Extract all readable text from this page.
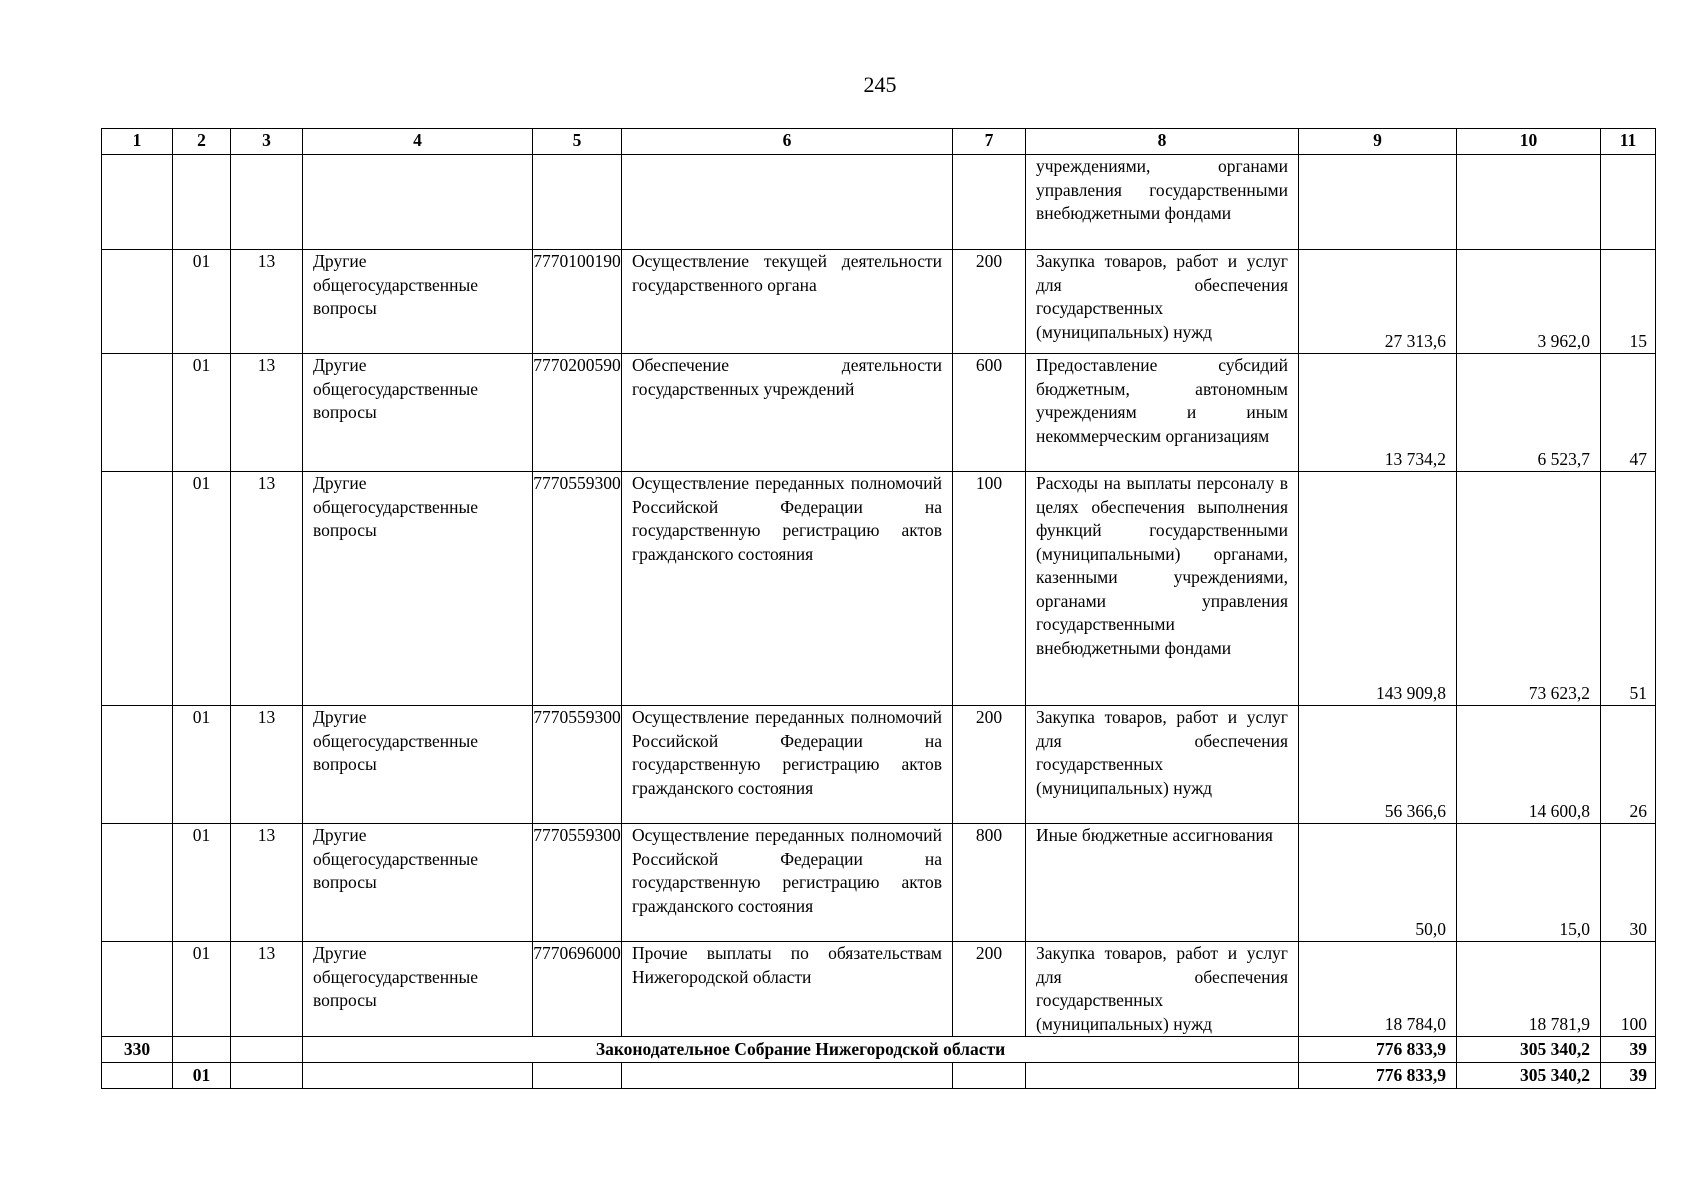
245
1	2	3	4	5	6	7	8	9	10	11
							учреждениями, органами управления государственными внебюджетными фондами			
	01	13	Другие общегосударственные вопросы	7770100190	Осуществление текущей деятельности государственного органа	200	Закупка товаров, работ и услуг для обеспечения государственных (муниципальных) нужд	27 313,6	3 962,0	15
	01	13	Другие общегосударственные вопросы	7770200590	Обеспечение деятельности государственных учреждений	600	Предоставление субсидий бюджетным, автономным учреждениям и иным некоммерческим организациям	13 734,2	6 523,7	47
	01	13	Другие общегосударственные вопросы	7770559300	Осуществление переданных полномочий Российской Федерации на государственную регистрацию актов гражданского состояния	100	Расходы на выплаты персоналу в целях обеспечения выполнения функций государственными (муниципальными) органами, казенными учреждениями, органами управления государственными внебюджетными фондами	143 909,8	73 623,2	51
	01	13	Другие общегосударственные вопросы	7770559300	Осуществление переданных полномочий Российской Федерации на государственную регистрацию актов гражданского состояния	200	Закупка товаров, работ и услуг для обеспечения государственных (муниципальных) нужд	56 366,6	14 600,8	26
	01	13	Другие общегосударственные вопросы	7770559300	Осуществление переданных полномочий Российской Федерации на государственную регистрацию актов гражданского состояния	800	Иные бюджетные ассигнования	50,0	15,0	30
	01	13	Другие общегосударственные вопросы	7770696000	Прочие выплаты по обязательствам Нижегородской области	200	Закупка товаров, работ и услуг для обеспечения государственных (муниципальных) нужд	18 784,0	18 781,9	100
330			Законодательное Собрание Нижегородской области					776 833,9	305 340,2	39
	01							776 833,9	305 340,2	39
